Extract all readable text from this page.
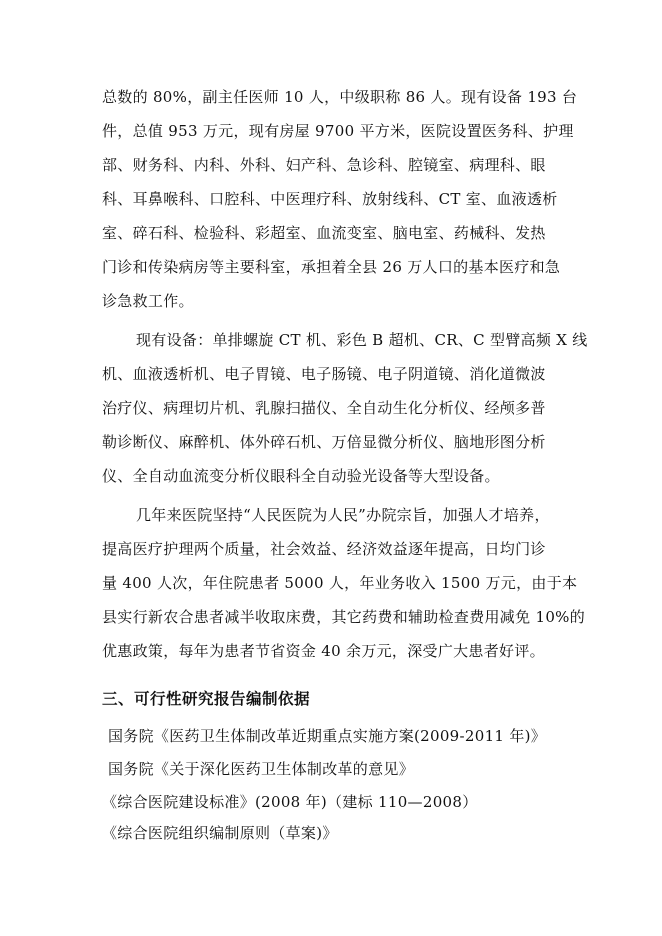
总数的 80%，副主任医师 10 人，中级职称 86 人。现有设备 193 台
件，总值 953 万元，现有房屋 9700 平方米，医院设置医务科、护理
部、财务科、内科、外科、妇产科、急诊科、腔镜室、病理科、眼
科、耳鼻喉科、口腔科、中医理疗科、放射线科、CT 室、血液透析
室、碎石科、检验科、彩超室、血流变室、脑电室、药械科、发热
门诊和传染病房等主要科室，承担着全县 26 万人口的基本医疗和急
诊急救工作。
现有设备：单排螺旋 CT 机、彩色 B 超机、CR、C 型臂高频 X 线
机、血液透析机、电子胃镜、电子肠镜、电子阴道镜、消化道微波
治疗仪、病理切片机、乳腺扫描仪、全自动生化分析仪、经颅多普
勒诊断仪、麻醉机、体外碎石机、万倍显微分析仪、脑地形图分析
仪、全自动血流变分析仪眼科全自动验光设备等大型设备。
几年来医院坚持“人民医院为人民”办院宗旨，加强人才培养，
提高医疗护理两个质量，社会效益、经济效益逐年提高，日均门诊
量 400 人次，年住院患者 5000 人，年业务收入 1500 万元，由于本
县实行新农合患者减半收取床费，其它药费和辅助检查费用减免 10%的
优惠政策，每年为患者节省资金 40 余万元，深受广大患者好评。
三、可行性研究报告编制依据
国务院《医药卫生体制改革近期重点实施方案(2009-2011 年)》
国务院《关于深化医药卫生体制改革的意见》
《综合医院建设标准》(2008 年)（建标 110—2008）
《综合医院组织编制原则（草案)》
